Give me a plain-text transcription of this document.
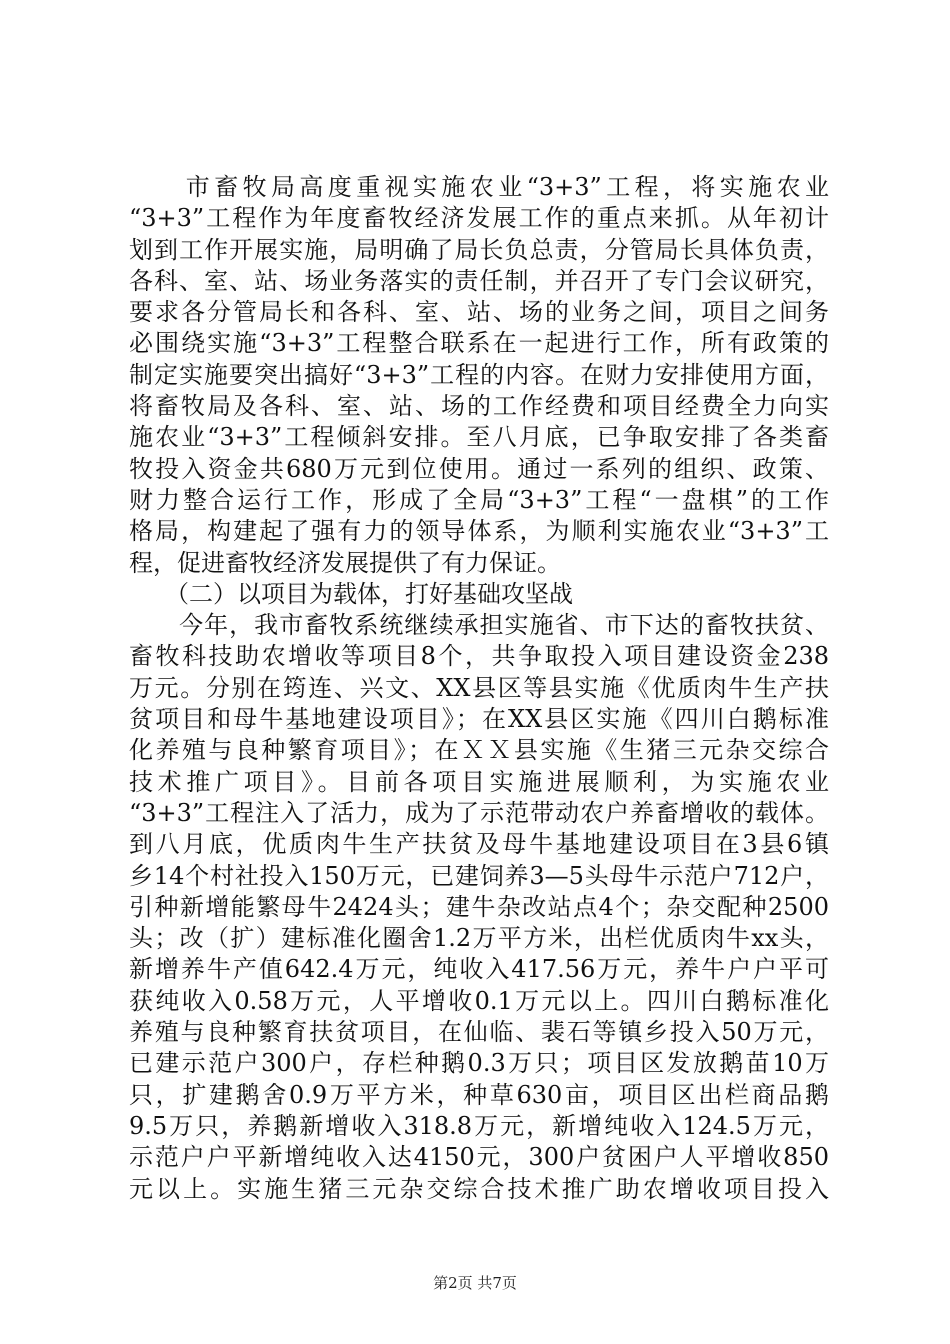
　　市畜牧局高度重视实施农业“3+3”工程，将实施农业
“3+3”工程作为年度畜牧经济发展工作的重点来抓。从年初计
划到工作开展实施，局明确了局长负总责，分管局长具体负责，
各科、室、站、场业务落实的责任制，并召开了专门会议研究，
要求各分管局长和各科、室、站、场的业务之间，项目之间务
必围绕实施“3+3”工程整合联系在一起进行工作，所有政策的
制定实施要突出搞好“3+3”工程的内容。在财力安排使用方面，
将畜牧局及各科、室、站、场的工作经费和项目经费全力向实
施农业“3+3”工程倾斜安排。至八月底，已争取安排了各类畜
牧投入资金共680万元到位使用。通过一系列的组织、政策、
财力整合运行工作，形成了全局“3+3”工程“一盘棋”的工作
格局，构建起了强有力的领导体系，为顺利实施农业“3+3”工
程，促进畜牧经济发展提供了有力保证。
　　（二）以项目为载体，打好基础攻坚战
　　今年，我市畜牧系统继续承担实施省、市下达的畜牧扶贫、
畜牧科技助农增收等项目8个，共争取投入项目建设资金238
万元。分别在筠连、兴文、XX县区等县实施《优质肉牛生产扶
贫项目和母牛基地建设项目》；在XX县区实施《四川白鹅标准
化养殖与良种繁育项目》；在ＸＸ县实施《生猪三元杂交综合
技术推广项目》。目前各项目实施进展顺利，为实施农业
“3+3”工程注入了活力，成为了示范带动农户养畜增收的载体。
到八月底，优质肉牛生产扶贫及母牛基地建设项目在3县6镇
乡14个村社投入150万元，已建饲养3—5头母牛示范户712户，
引种新增能繁母牛2424头；建牛杂改站点4个；杂交配种2500
头；改（扩）建标准化圈舍1.2万平方米，出栏优质肉牛xx头，
新增养牛产值642.4万元，纯收入417.56万元，养牛户户平可
获纯收入0.58万元，人平增收0.1万元以上。四川白鹅标准化
养殖与良种繁育扶贫项目，在仙临、裴石等镇乡投入50万元，
已建示范户300户，存栏种鹅0.3万只；项目区发放鹅苗10万
只，扩建鹅舍0.9万平方米，种草630亩，项目区出栏商品鹅
9.5万只，养鹅新增收入318.8万元，新增纯收入124.5万元，
示范户户平新增纯收入达4150元，300户贫困户人平增收850
元以上。实施生猪三元杂交综合技术推广助农增收项目投入
第2页 共7页
